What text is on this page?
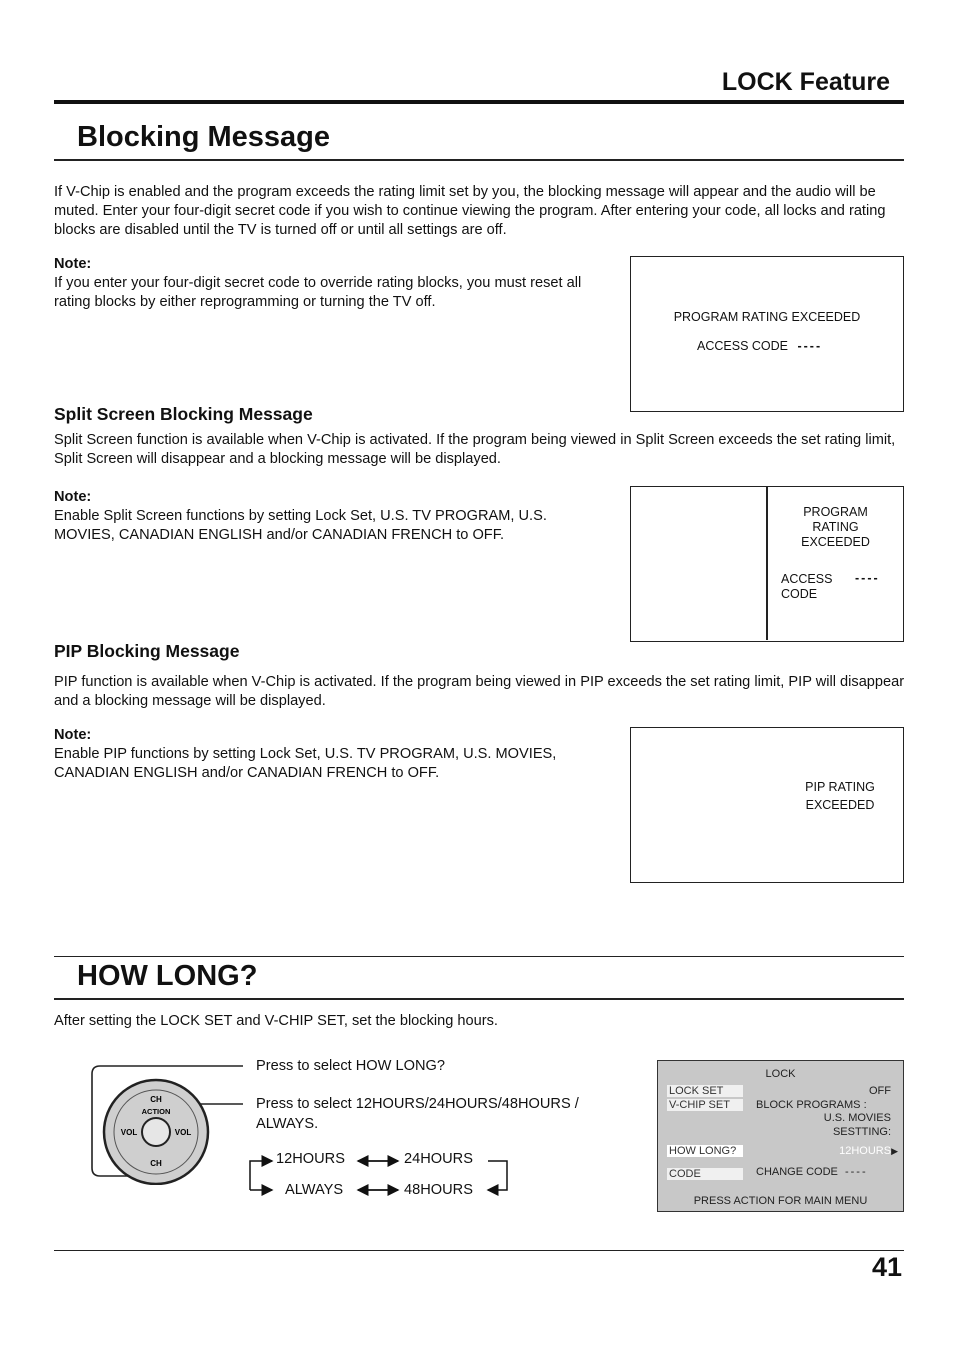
LOCK Feature
Blocking Message
If V-Chip is enabled and the program exceeds the rating limit set by you, the blocking message will appear and the audio will be muted. Enter your four-digit secret code if you wish to continue viewing the program. After entering your code, all locks and rating blocks are disabled until the TV is turned off or until all settings are off.
Note:
If you enter your four-digit secret code to override rating blocks, you must reset all rating blocks by either reprogramming or turning the TV off.
PROGRAM RATING EXCEEDED
ACCESS CODE ----
Split Screen Blocking Message
Split Screen function is available when V-Chip is activated. If the program being viewed in Split Screen exceeds the set rating limit, Split Screen will disappear and a blocking message will be displayed.
Note:
Enable Split Screen functions by setting Lock Set, U.S. TV PROGRAM, U.S. MOVIES, CANADIAN ENGLISH and/or CANADIAN FRENCH to OFF.
PROGRAM
RATING
EXCEEDED
ACCESS
CODE
----
PIP Blocking Message
PIP function is available when V-Chip is activated. If the program being viewed in PIP exceeds the set rating limit, PIP will disappear and a blocking message will be displayed.
Note:
Enable PIP functions by setting Lock Set, U.S. TV PROGRAM, U.S. MOVIES, CANADIAN ENGLISH and/or CANADIAN FRENCH to OFF.
PIP RATING
EXCEEDED
HOW LONG?
After setting the LOCK SET and V-CHIP SET, set the blocking hours.
CH
CH
VOL	VOL
ACTION
Press to select HOW LONG?
Press to select 12HOURS/24HOURS/48HOURS / ALWAYS.
12HOURS	24HOURS
ALWAYS	48HOURS
LOCK
LOCK SET	OFF
V-CHIP SET	BLOCK PROGRAMS :
U.S. MOVIES
SESTTING:
HOW LONG?	12HOURS▶
CODE	CHANGE CODE ----
PRESS ACTION FOR MAIN MENU
41
